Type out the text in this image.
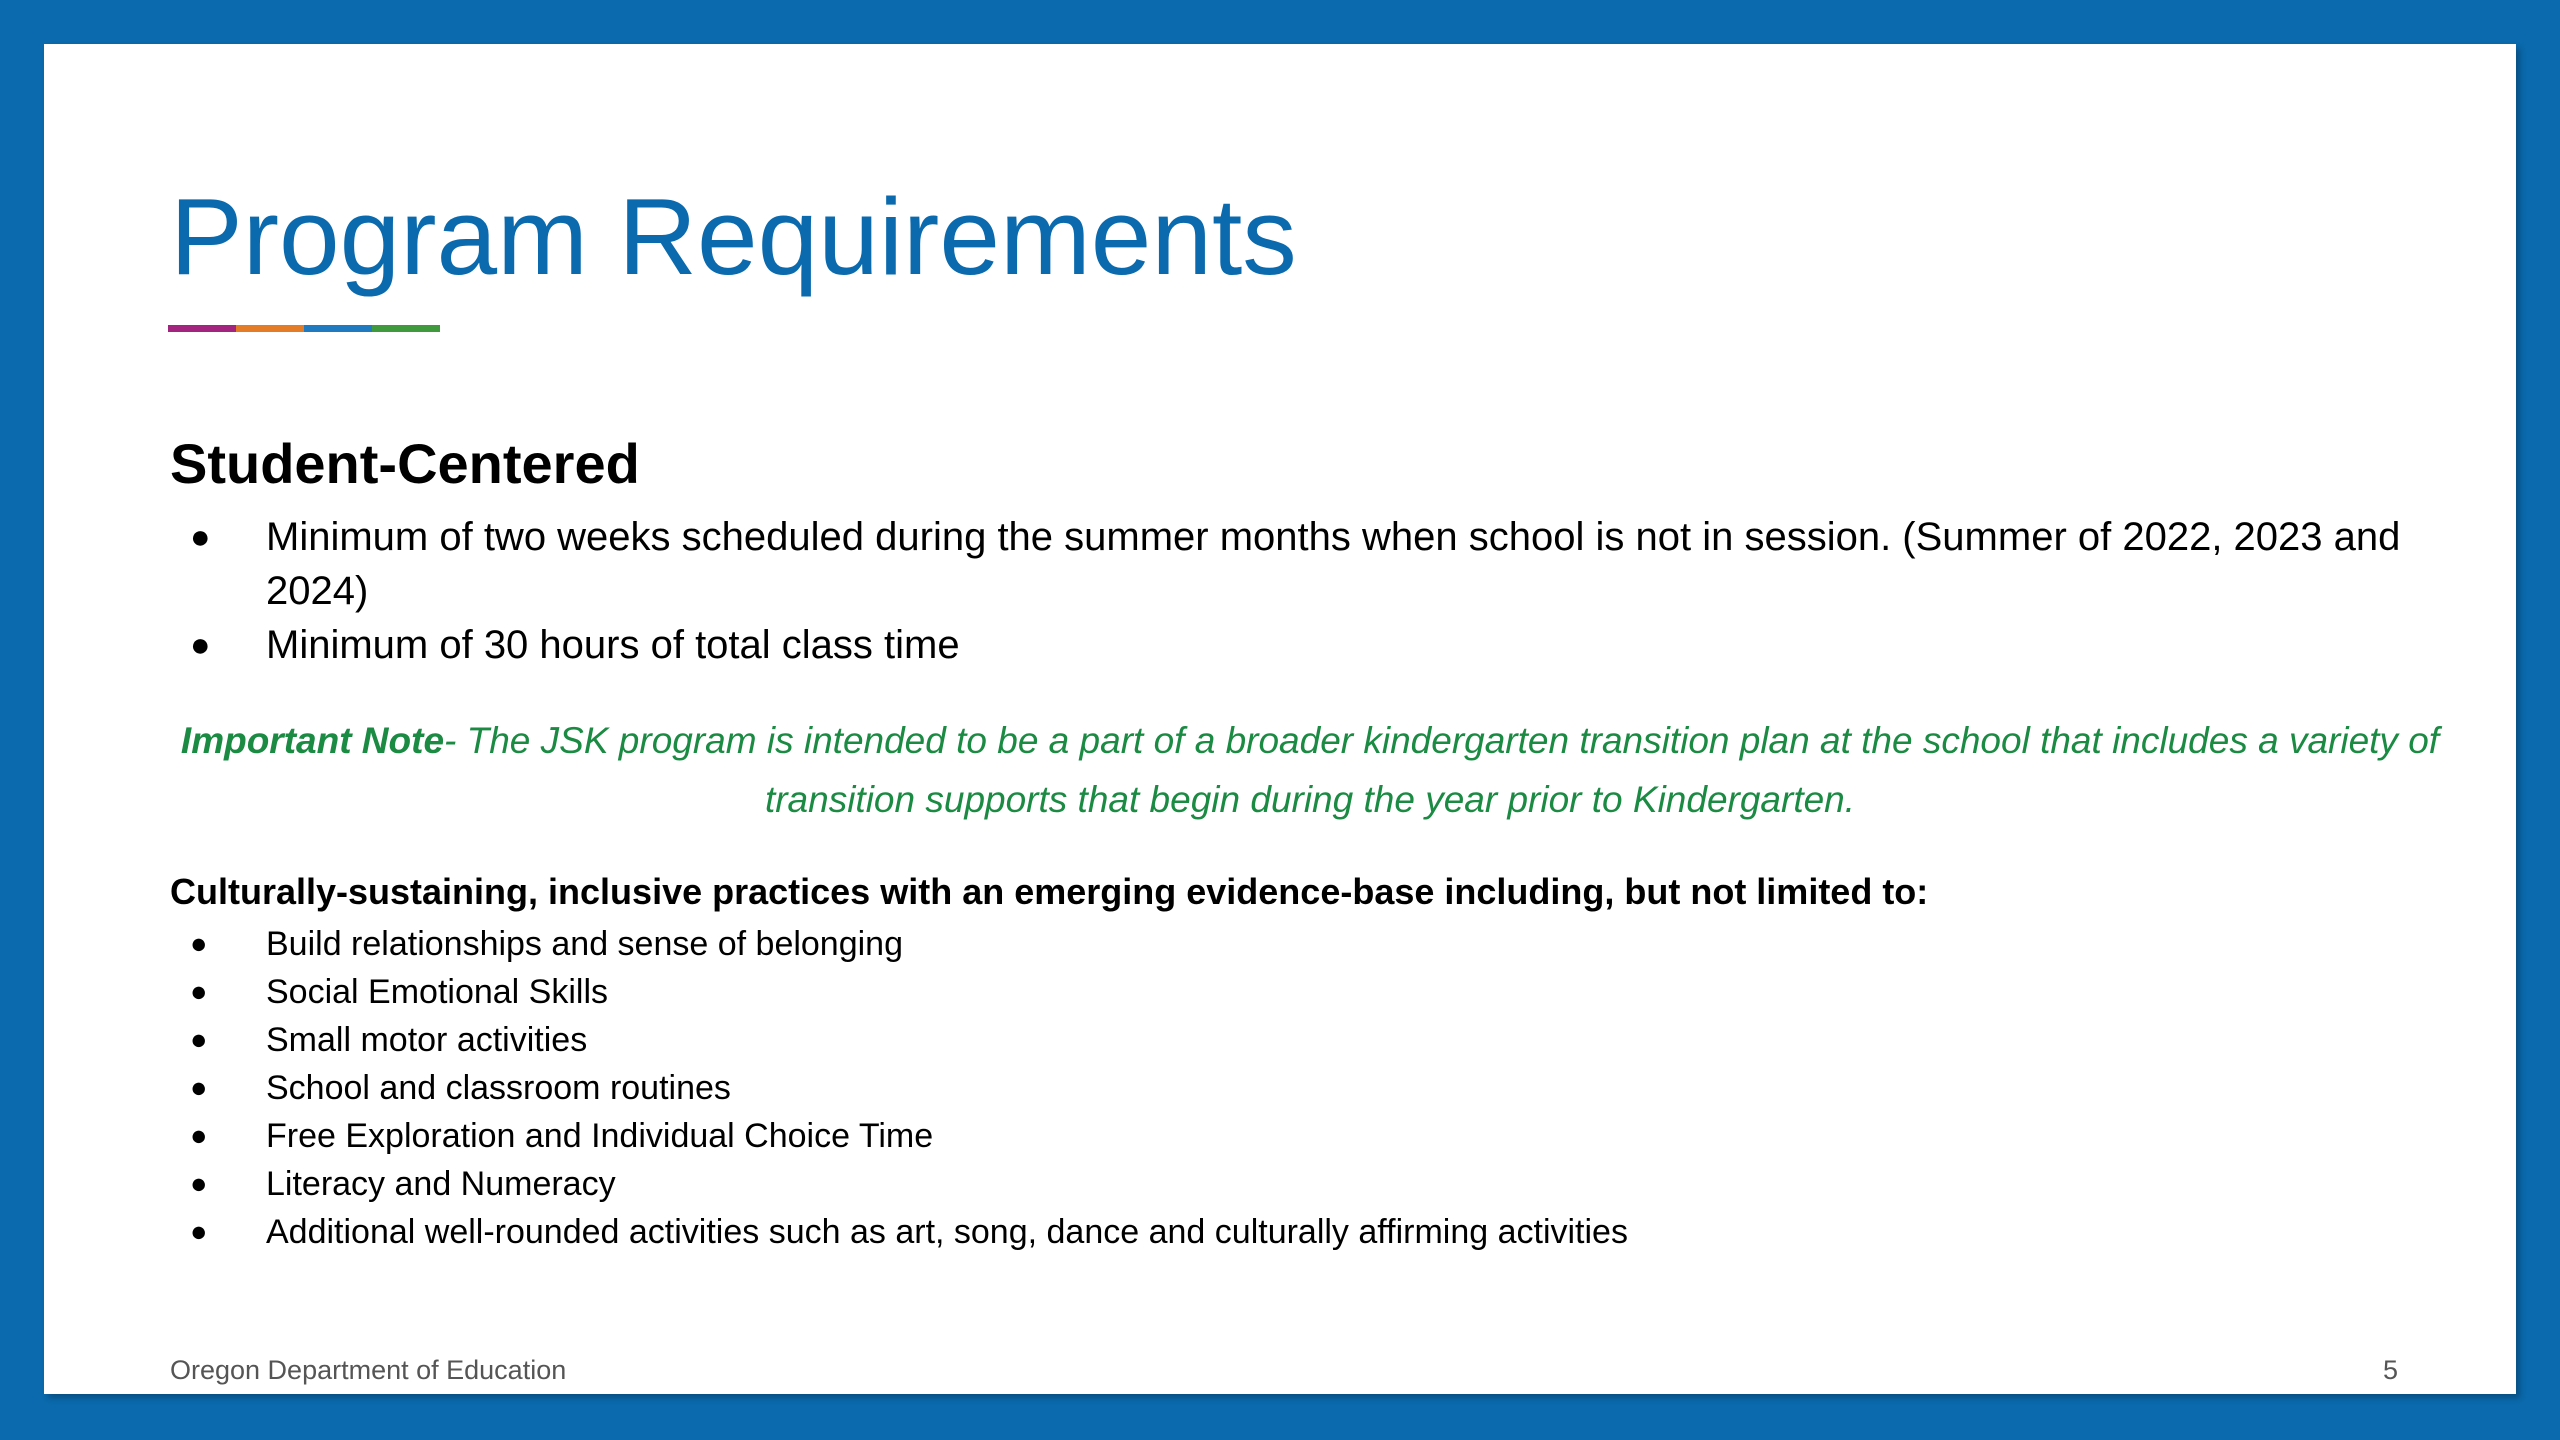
Program Requirements
Student-Centered
● Minimum of two weeks scheduled during the summer months when school is not in session. (Summer of 2022, 2023 and 2024)
● Minimum of 30 hours of total class time

Important Note- The JSK program is intended to be a part of a broader kindergarten transition plan at the school that includes a variety of transition supports that begin during the year prior to Kindergarten.

Culturally-sustaining, inclusive practices with an emerging evidence-base including, but not limited to:

● Build relationships and sense of belonging
● Social Emotional Skills
● Small motor activities
● School and classroom routines
● Free Exploration and Individual Choice Time
● Literacy and Numeracy
● Additional well-rounded activities such as art, song, dance and culturally affirming activities
Oregon Department of Education	5
